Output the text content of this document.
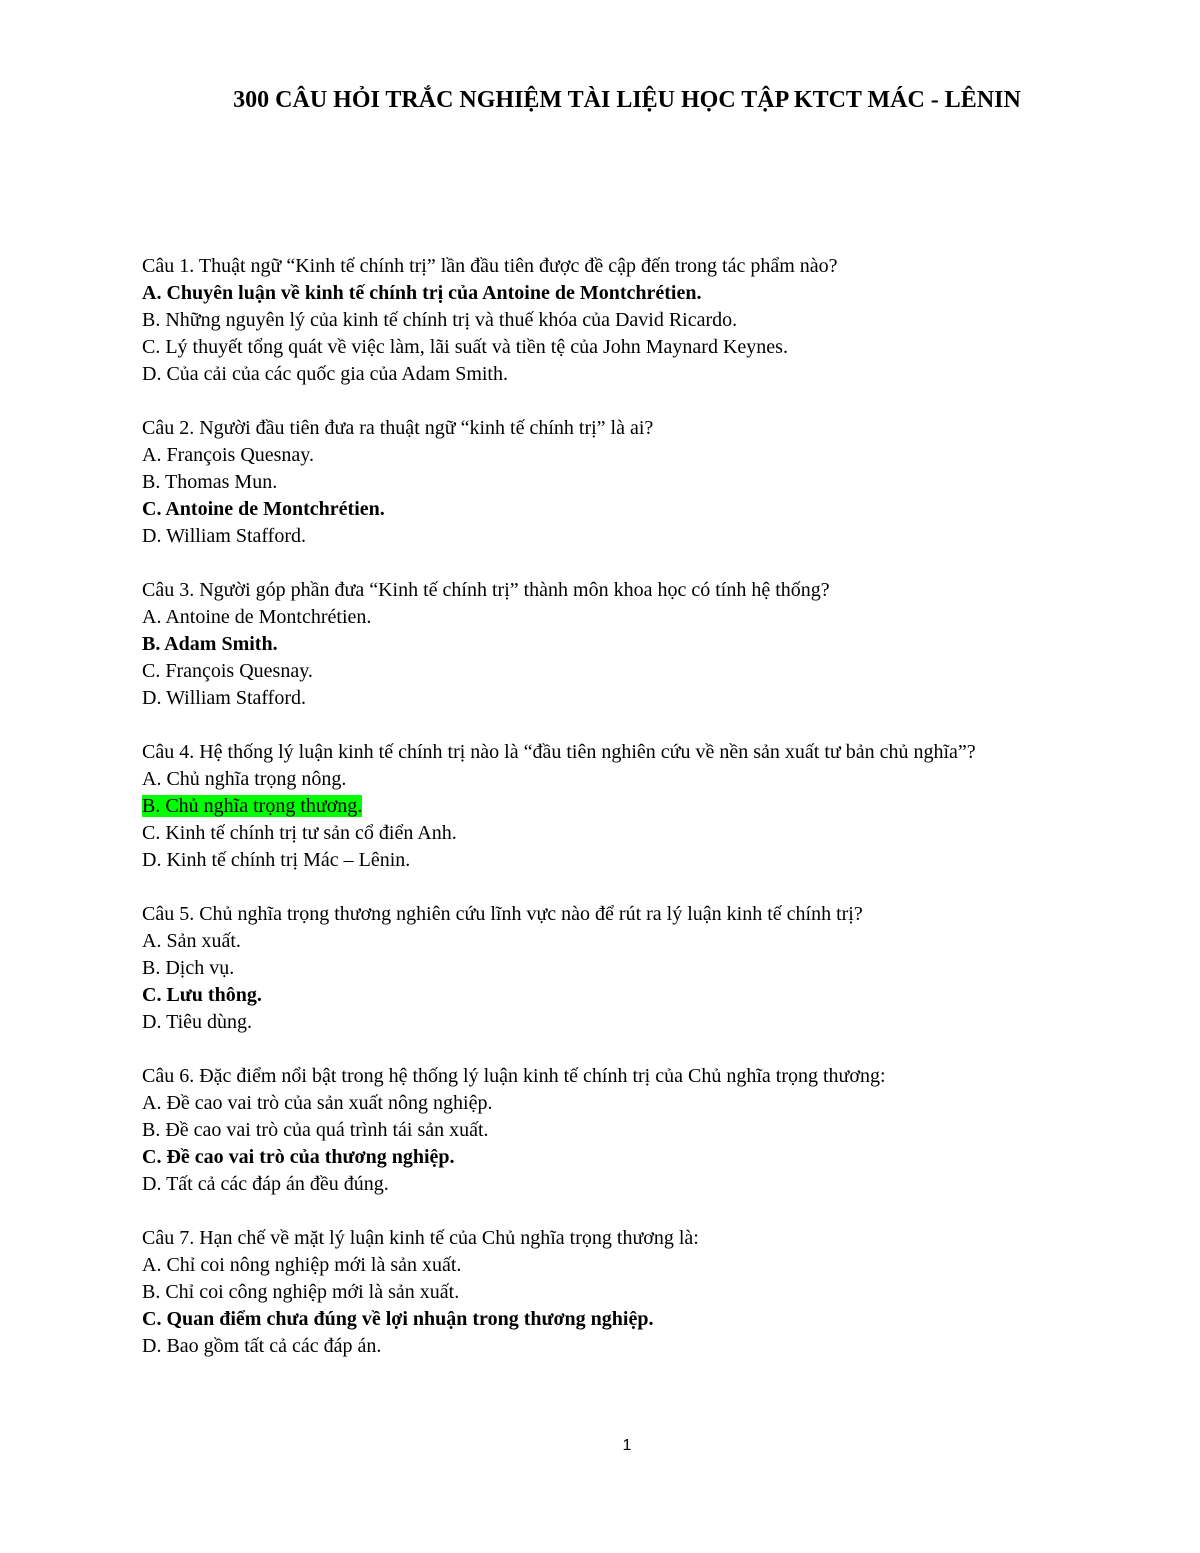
300 CÂU HỎI TRẮC NGHIỆM TÀI LIỆU HỌC TẬP KTCT MÁC - LÊNIN
Câu 1. Thuật ngữ “Kinh tế chính trị” lần đầu tiên được đề cập đến trong tác phẩm nào?
A. Chuyên luận về kinh tế chính trị của Antoine de Montchrétien.
B. Những nguyên lý của kinh tế chính trị và thuế khóa của David Ricardo.
C. Lý thuyết tổng quát về việc làm, lãi suất và tiền tệ của John Maynard Keynes.
D. Của cải của các quốc gia của Adam Smith.
Câu 2. Người đầu tiên đưa ra thuật ngữ “kinh tế chính trị” là ai?
A. François Quesnay.
B. Thomas Mun.
C. Antoine de Montchrétien.
D. William Stafford.
Câu 3. Người góp phần đưa “Kinh tế chính trị” thành môn khoa học có tính hệ thống?
A. Antoine de Montchrétien.
B. Adam Smith.
C. François Quesnay.
D. William Stafford.
Câu 4. Hệ thống lý luận kinh tế chính trị nào là “đầu tiên nghiên cứu về nền sản xuất tư bản chủ nghĩa”?
A. Chủ nghĩa trọng nông.
B. Chủ nghĩa trọng thương.
C. Kinh tế chính trị tư sản cổ điển Anh.
D. Kinh tế chính trị Mác – Lênin.
Câu 5. Chủ nghĩa trọng thương nghiên cứu lĩnh vực nào để rút ra lý luận kinh tế chính trị?
A. Sản xuất.
B. Dịch vụ.
C. Lưu thông.
D. Tiêu dùng.
Câu 6. Đặc điểm nổi bật trong hệ thống lý luận kinh tế chính trị của Chủ nghĩa trọng thương:
A. Đề cao vai trò của sản xuất nông nghiệp.
B. Đề cao vai trò của quá trình tái sản xuất.
C. Đề cao vai trò của thương nghiệp.
D. Tất cả các đáp án đều đúng.
Câu 7. Hạn chế về mặt lý luận kinh tế của Chủ nghĩa trọng thương là:
A. Chỉ coi nông nghiệp mới là sản xuất.
B. Chỉ coi công nghiệp mới là sản xuất.
C. Quan điểm chưa đúng về lợi nhuận trong thương nghiệp.
D. Bao gồm tất cả các đáp án.
1
